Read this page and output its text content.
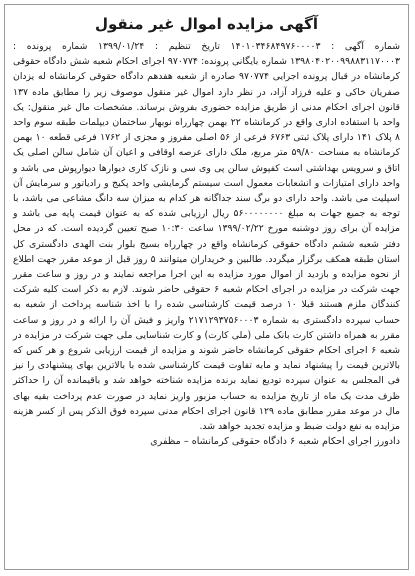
آگهی مزایده اموال غیر منقول
شماره آگهی : ۱۴۰۱۰۳۴۶۸۴۹۷۶۰۰۰۰۳ تاریخ تنظیم : ۱۳۹۹/۰۱/۲۴ شماره پرونده : ۱۳۹۸۰۴۰۲۰۰۹۹۸۸۳۱۱۷۰۰۰۳ شماره بایگانی پرونده: ۹۷۰۷۷۴ اجرای احکام شعبه شش دادگاه حقوقی کرمانشاه در قبال پرونده اجرایی ۹۷۰۷۷۴ صادره از شعبه هفدهم دادگاه حقوقی کرمانشاه له یزدان صفریان خاکی و علیه فرزاد آزاد، در نظر دارد اموال غیر منقول موصوف زیر را مطابق ماده ۱۳۷ قانون اجرای احکام مدنی از طریق مزایده حضوری بفروش برساند. مشخصات مال غیر منقول: یک واحد با استفاده اداری واقع در کرمانشاه ۲۲ بهمن چهارراه نوبهار ساختمان دیپلمات طبقه سوم واحد ۸ پلاک ۱۴۱ دارای پلاک ثبتی ۶۷۶۳ فرعی از ۵۶ اصلی مفروز و مجزی از ۱۷۶۲ فرعی قطعه ۱۰ بهمن کرمانشاه به مساحت ۵۹/۸۰ متر مربع، ملک دارای عرصه اوقافی و اعیان آن شامل سالن اصلی یک اتاق و سرویس بهداشتی است کفپوش سالن پی وی سی و نازک کاری دیوارها دیوارپوش می باشد و واحد دارای امتیازات و انشعابات معمول است سیستم گرمایشی واحد پکیج و رادیاتور و سرمایش آن اسپلیت می باشد. واحد دارای دو برگ سند جداگانه هر کدام به میزان سه دانگ مشاعی می باشد، با توجه به جمیع جهات به مبلغ ۵۶۰۰۰۰۰۰۰۰ ریال ارزیابی شده که به عنوان قیمت پایه می باشد و مزایده آن برای روز دوشنبه مورخ ۱۳۹۹/۰۲/۲۲ ساعت ۱۰:۳۰ صبح تعیین گردیده است. که در محل دفتر شعبه ششم دادگاه حقوقی کرمانشاه واقع در چهارراه بسیج بلوار بنت الهدی دادگستری کل استان طبقه همکف برگزار میگردد. طالبین و خریداران میتوانند ۵ روز قبل از موعد مقرر جهت اطلاع از نحوه مزایده و بازدید از اموال مورد مزایده به این اجرا مراجعه نمایند و در روز و ساعت مقرر جهت شرکت در مزایده در اجرای احکام شعبه ۶ حقوقی حاضر شوند. لازم به ذکر است کلیه شرکت کنندگان ملزم هستند قبلا ۱۰ درصد قیمت کارشناسی شده را با اخذ شناسه پرداخت از شعبه به حساب سپرده دادگستری به شماره ۲۱۷۱۲۹۳۷۵۶۰۰۰۳ واریز و فیش آن را ارائه و در روز و ساعت مقرر به همراه داشتن کارت بانک ملی (ملی کارت) و کارت شناسایی ملی جهت شرکت در مزایده در شعبه ۶ اجرای احکام حقوقی کرمانشاه حاضر شوند و مزایده از قیمت ارزیابی شروع و هر کس که بالاترین قیمت را پیشنهاد نماید و مابه تفاوت قیمت کارشناسی شده با بالاترین بهای پیشنهادی را نیز فی المجلس به عنوان سپرده تودیع نماید برنده مزایده شناخته خواهد شد و باقیمانده آن را حداکثر ظرف مدت یک ماه از تاریخ مزایده به حساب مزبور واریز نماید در صورت عدم پرداخت بقیه بهای مال در موعد مقرر مطابق ماده ۱۲۹ قانون اجرای احکام مدنی سپرده فوق الذکر پس از کسر هزینه مزایده به نفع دولت ضبط و مزایده تجدید خواهد شد.
دادورز اجرای احکام شعبه ۶ دادگاه حقوقی کرمانشاه – مظفری
